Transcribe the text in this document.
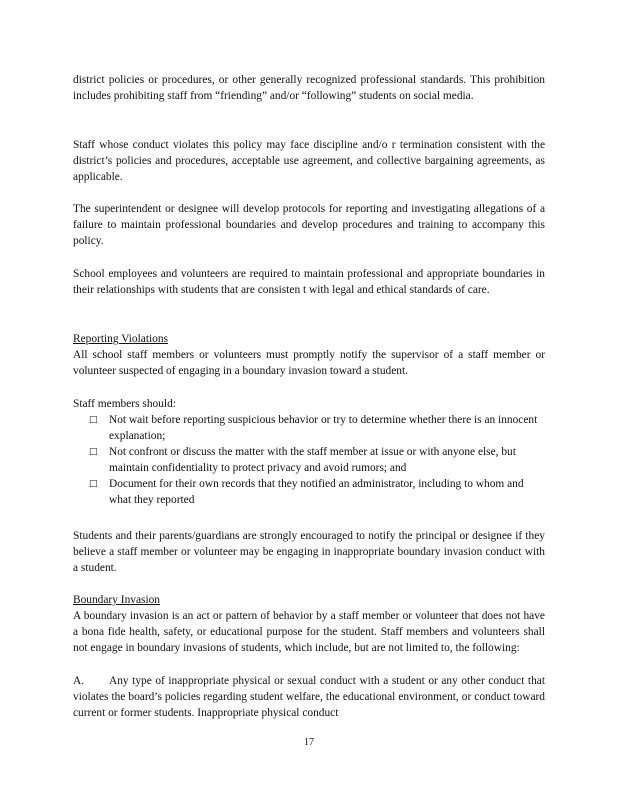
district policies or procedures, or other generally recognized professional standards. This prohibition includes prohibiting staff from “friending” and/or “following” students on social media.

Staff whose conduct violates this policy may face discipline and/o r termination consistent with the district’s policies and procedures, acceptable use agreement, and collective bargaining agreements, as applicable.

The superintendent or designee will develop protocols for reporting and investigating allegations of a failure to maintain professional boundaries and develop procedures and training to accompany this policy.

School employees and volunteers are required to maintain professional and appropriate boundaries in their relationships with students that are consisten t with legal and ethical standards of care.

Reporting Violations

All school staff members or volunteers must promptly notify the supervisor of a staff member or volunteer suspected of engaging in a boundary invasion toward a student.

Staff members should:

□ Not wait before reporting suspicious behavior or try to determine whether there is an innocent explanation;
□ Not confront or discuss the matter with the staff member at issue or with anyone else, but maintain confidentiality to protect privacy and avoid rumors; and
□ Document for their own records that they notified an administrator, including to whom and what they reported

Students and their parents/guardians are strongly encouraged to notify the principal or designee if they believe a staff member or volunteer may be engaging in inappropriate boundary invasion conduct with a student.

Boundary Invasion

A boundary invasion is an act or pattern of behavior by a staff member or volunteer that does not have a bona fide health, safety, or educational purpose for the student. Staff members and volunteers shall not engage in boundary invasions of students, which include, but are not limited to, the following:

A. Any type of inappropriate physical or sexual conduct with a student or any other conduct that violates the board’s policies regarding student welfare, the educational environment, or conduct toward current or former students. Inappropriate physical conduct

17
